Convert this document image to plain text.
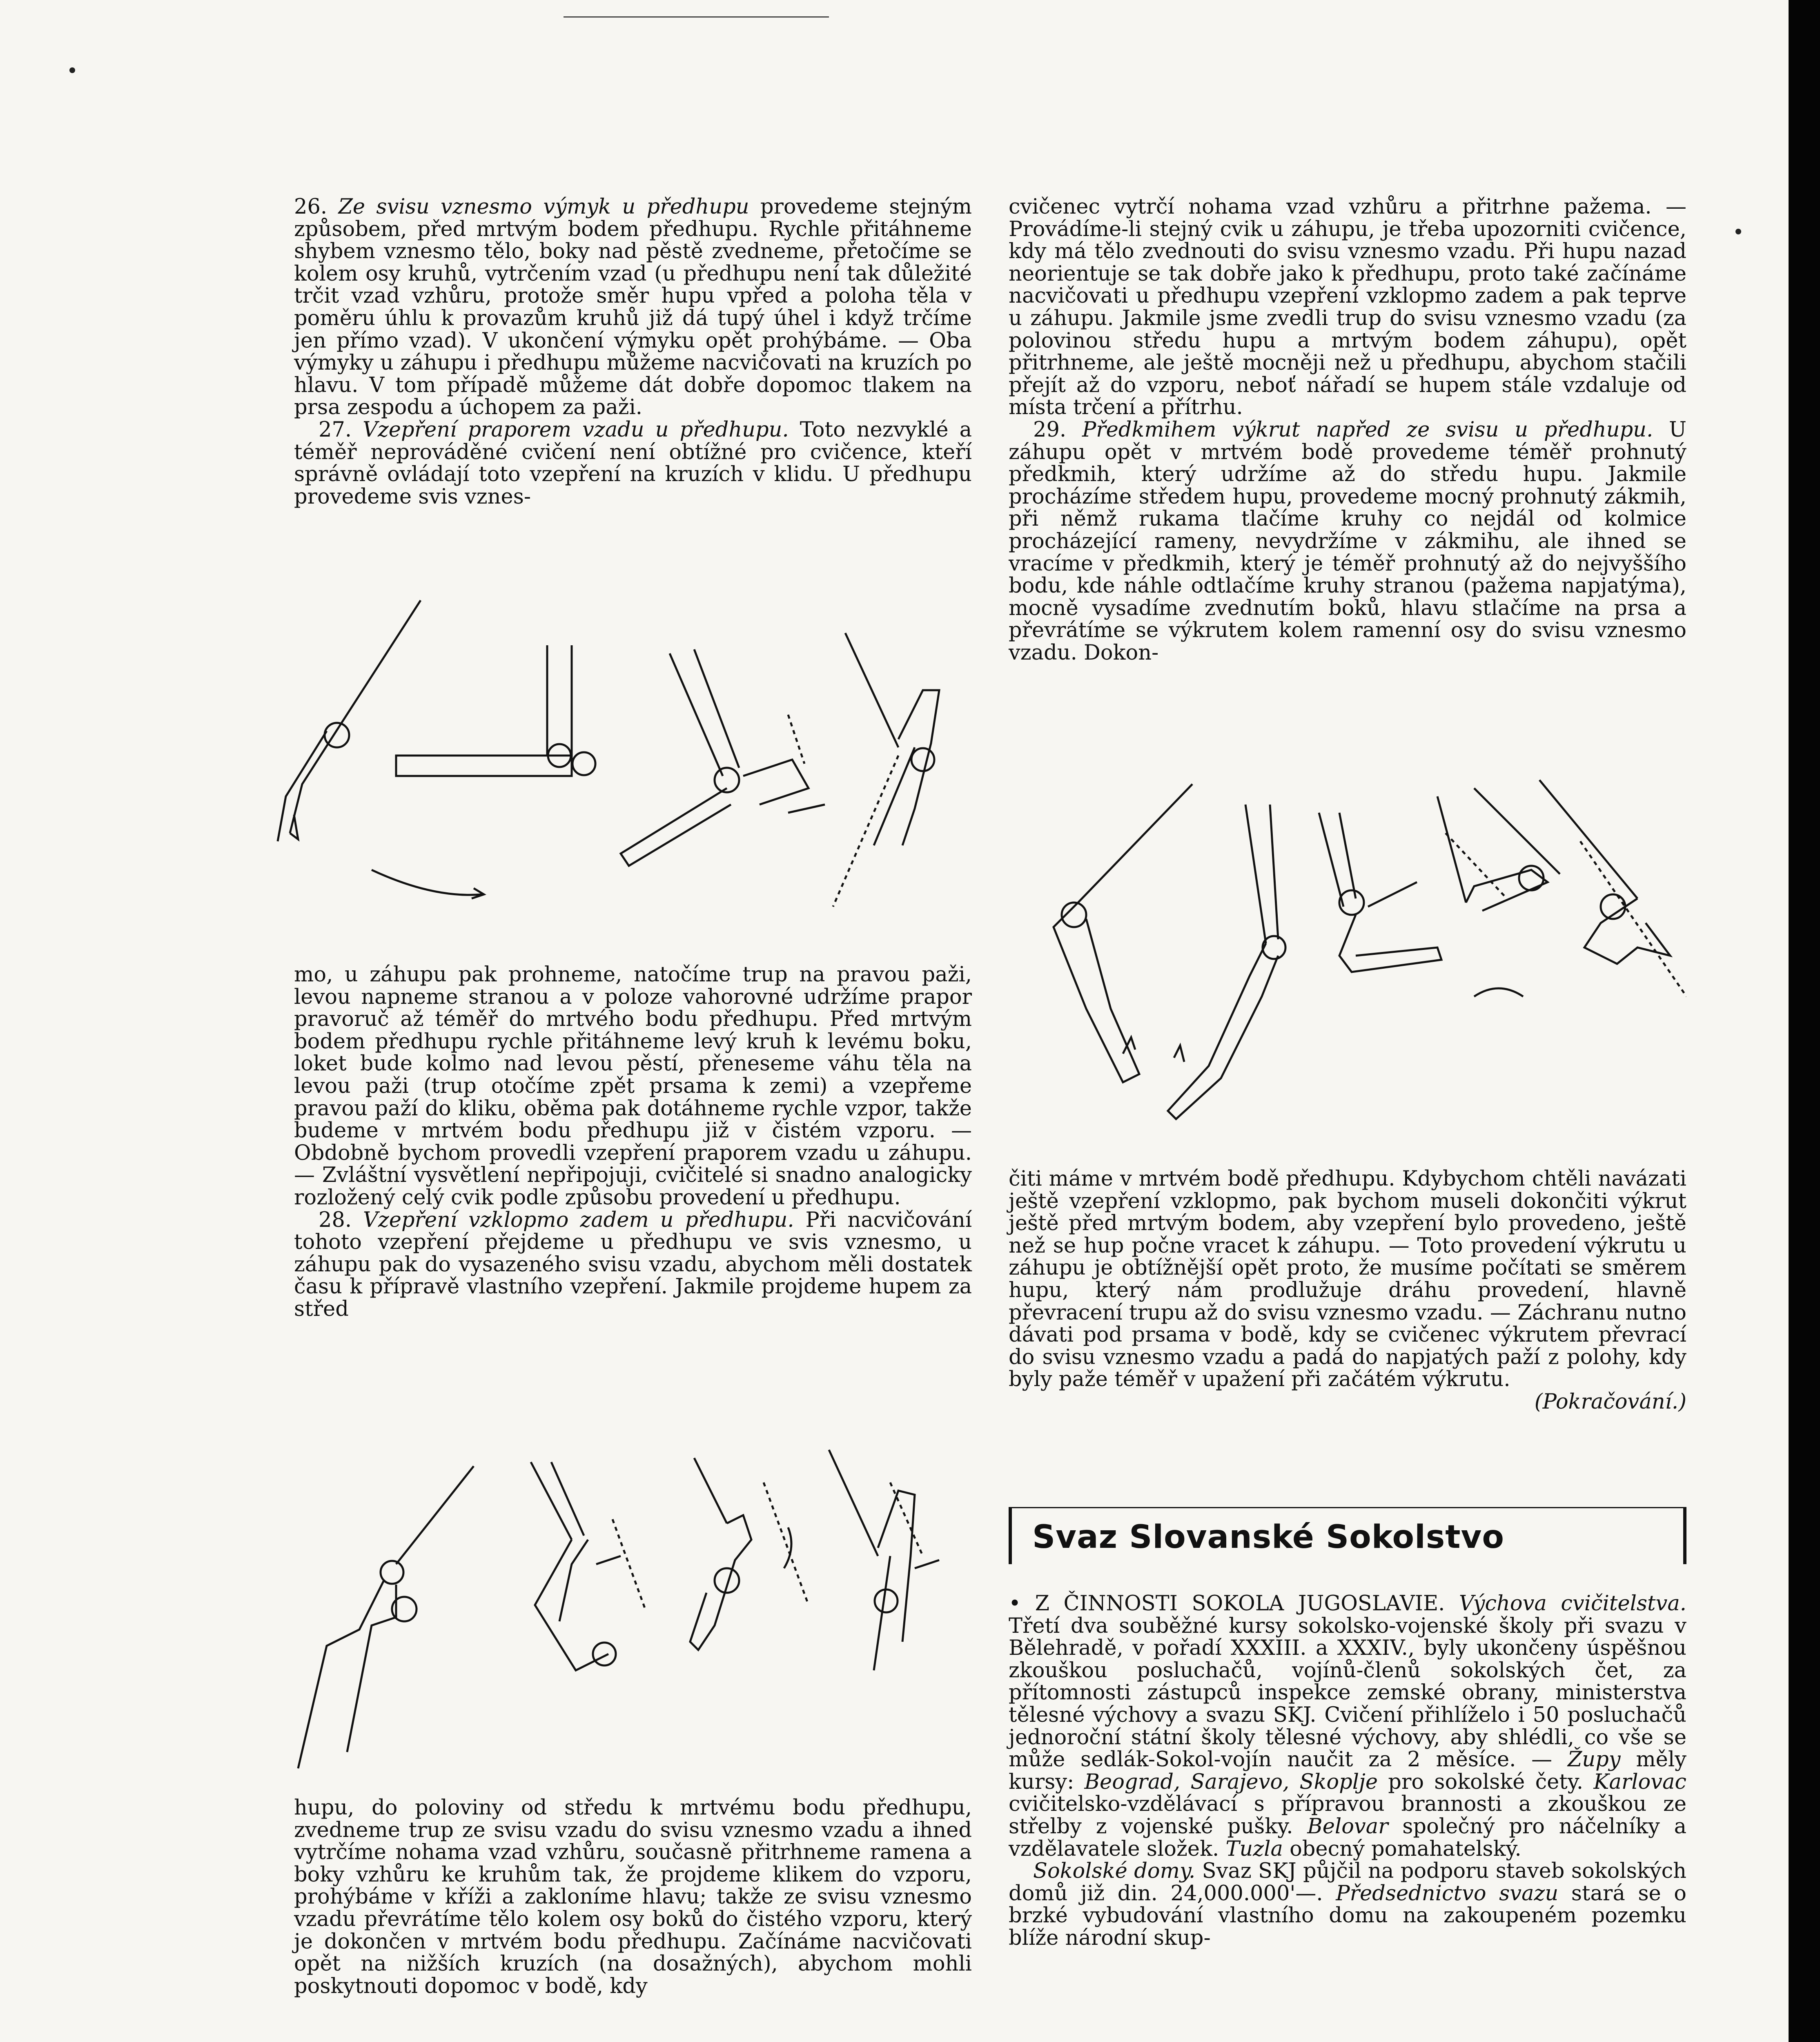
26. Ze svisu vznesmo výmyk u předhupu provedeme stejným způsobem, před mrtvým bodem předhupu. Rychle přitáhneme shybem vznesmo tělo, boky nad pěstě zvedneme, přetočíme se kolem osy kruhů, vytrčením vzad (u předhupu není tak důležité trčit vzad vzhůru, protože směr hupu vpřed a poloha těla v poměru úhlu k provazům kruhů již dá tupý úhel i když trčíme jen přímo vzad). V ukončení výmyku opět prohýbáme. — Oba výmyky u záhupu i předhupu můžeme nacvičovati na kruzích po hlavu. V tom případě můžeme dát dobře dopomoc tlakem na prsa zespodu a úchopem za paži.

27. Vzepření praporem vzadu u předhupu. Toto nezvyklé a téměř neprováděné cvičení není obtížné pro cvičence, kteří správně ovládají toto vzepření na kruzích v klidu. U předhupu provedeme svis vznes-

mo, u záhupu pak prohneme, natočíme trup na pravou paži, levou napneme stranou a v poloze vahorovné udržíme prapor pravoruč až téměř do mrtvého bodu předhupu. Před mrtvým bodem předhupu rychle přitáhneme levý kruh k levému boku, loket bude kolmo nad levou pěstí, přeneseme váhu těla na levou paži (trup otočíme zpět prsama k zemi) a vzepřeme pravou paží do kliku, oběma pak dotáhneme rychle vzpor, takže budeme v mrtvém bodu předhupu již v čistém vzporu. — Obdobně bychom provedli vzepření praporem vzadu u záhupu. — Zvláštní vysvětlení nepřipojuji, cvičitelé si snadno analogicky rozložený celý cvik podle způsobu provedení u předhupu.

28. Vzepření vzklopmo zadem u předhupu. Při nacvičování tohoto vzepření přejdeme u předhupu ve svis vznesmo, u záhupu pak do vysazeného svisu vzadu, abychom měli dostatek času k přípravě vlastního vzepření. Jakmile projdeme hupem za střed

hupu, do poloviny od středu k mrtvému bodu předhupu, zvedneme trup ze svisu vzadu do svisu vznesmo vzadu a ihned vytrčíme nohama vzad vzhůru, současně přitrhneme ramena a boky vzhůru ke kruhům tak, že projdeme klikem do vzporu, prohýbáme v kříži a zakloníme hlavu; takže ze svisu vznesmo vzadu převrátíme tělo kolem osy boků do čistého vzporu, který je dokončen v mrtvém bodu předhupu. Začínáme nacvičovati opět na nižších kruzích (na dosažných), abychom mohli poskytnouti dopomoc v bodě, kdy

cvičenec vytrčí nohama vzad vzhůru a přitrhne pažema. — Provádíme-li stejný cvik u záhupu, je třeba upozorniti cvičence, kdy má tělo zvednouti do svisu vznesmo vzadu. Při hupu nazad neorientuje se tak dobře jako k předhupu, proto také začínáme nacvičovati u předhupu vzepření vzklopmo zadem a pak teprve u záhupu. Jakmile jsme zvedli trup do svisu vznesmo vzadu (za polovinou středu hupu a mrtvým bodem záhupu), opět přitrhneme, ale ještě mocněji než u předhupu, abychom stačili přejít až do vzporu, neboť nářadí se hupem stále vzdaluje od místa trčení a přítrhu.

29. Předkmihem výkrut napřed ze svisu u předhupu. U záhupu opět v mrtvém bodě provedeme téměř prohnutý předkmih, který udržíme až do středu hupu. Jakmile procházíme středem hupu, provedeme mocný prohnutý zákmih, při němž rukama tlačíme kruhy co nejdál od kolmice procházející rameny, nevydržíme v zákmihu, ale ihned se vracíme v předkmih, který je téměř prohnutý až do nejvyššího bodu, kde náhle odtlačíme kruhy stranou (pažema napjatýma), mocně vysadíme zvednutím boků, hlavu stlačíme na prsa a převrátíme se výkrutem kolem ramenní osy do svisu vznesmo vzadu. Dokon-

čiti máme v mrtvém bodě předhupu. Kdybychom chtěli navázati ještě vzepření vzklopmo, pak bychom museli dokončiti výkrut ještě před mrtvým bodem, aby vzepření bylo provedeno, ještě než se hup počne vracet k záhupu. — Toto provedení výkrutu u záhupu je obtížnější opět proto, že musíme počítati se směrem hupu, který nám prodlužuje dráhu provedení, hlavně převracení trupu až do svisu vznesmo vzadu. — Záchranu nutno dávati pod prsama v bodě, kdy se cvičenec výkrutem převrací do svisu vznesmo vzadu a padá do napjatých paží z polohy, kdy byly paže téměř v upažení při začátém výkrutu.

(Pokračování.)

Svaz Slovanské Sokolstvo

• Z ČINNOSTI SOKOLA JUGOSLAVIE. Výchova cvičitelstva. Třetí dva souběžné kursy sokolsko-vojenské školy při svazu v Bělehradě, v pořadí XXXIII. a XXXIV., byly ukončeny úspěšnou zkouškou posluchačů, vojínů-členů sokolských čet, za přítomnosti zástupců inspekce zemské obrany, ministerstva tělesné výchovy a svazu SKJ. Cvičení přihlíželo i 50 posluchačů jednoroční státní školy tělesné výchovy, aby shlédli, co vše se může sedlák-Sokol-vojín naučit za 2 měsíce. — Župy měly kursy: Beograd, Sarajevo, Skoplje pro sokolské čety. Karlovac cvičitelsko-vzdělávací s přípravou brannosti a zkouškou ze střelby z vojenské pušky. Belovar společný pro náčelníky a vzdělavatele složek. Tuzla obecný pomahatelský.

Sokolské domy. Svaz SKJ půjčil na podporu staveb sokolských domů již din. 24,000.000'—. Předsednictvo svazu stará se o brzké vybudování vlastního domu na zakoupeném pozemku blíže národní skup-
